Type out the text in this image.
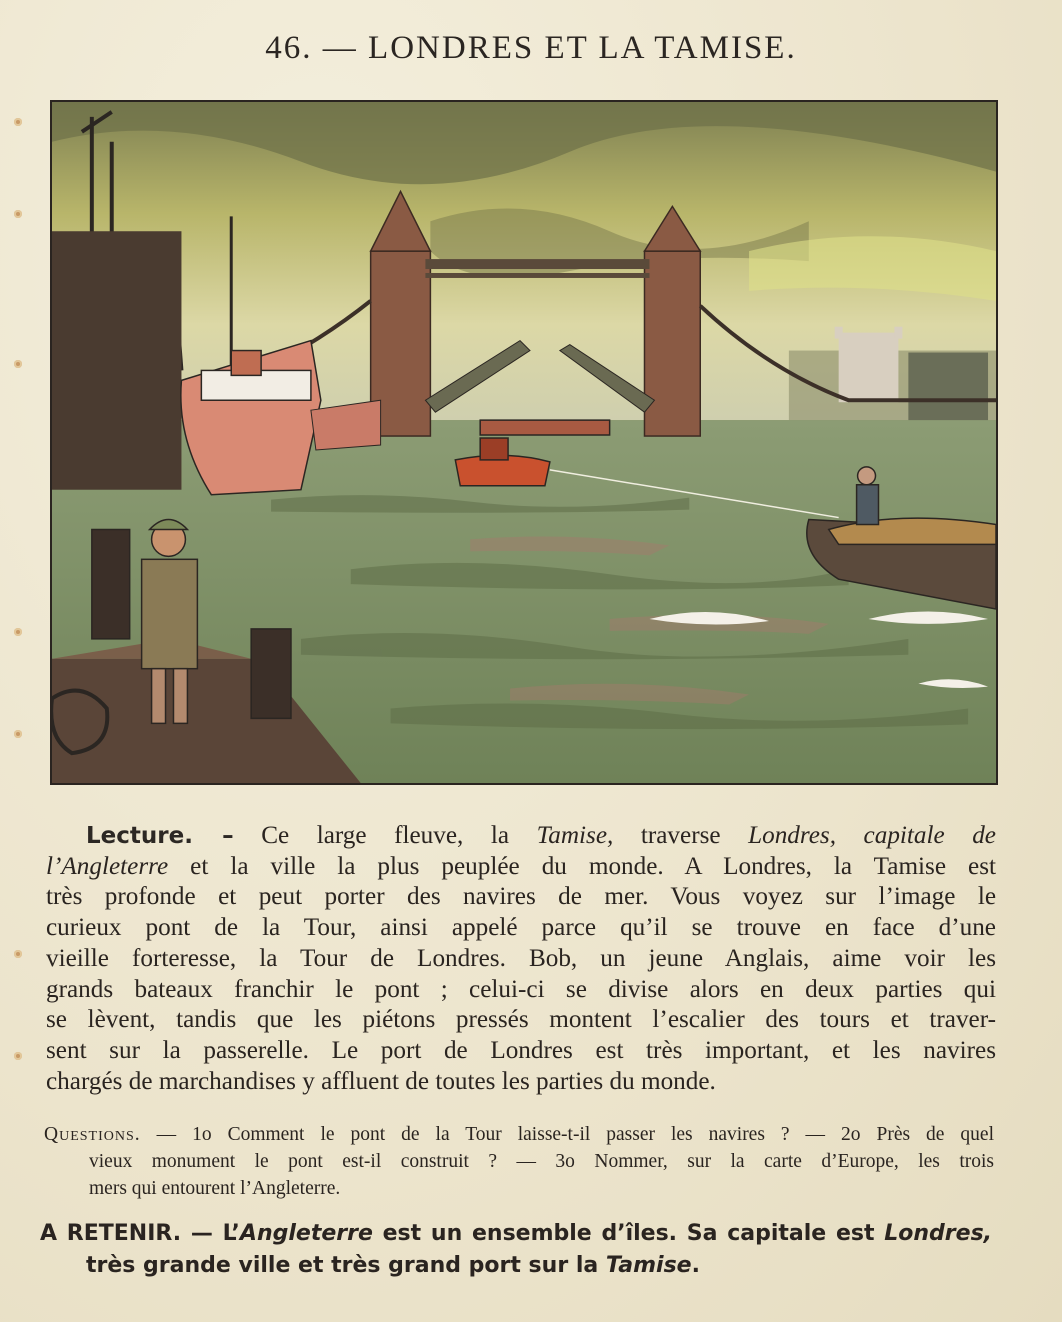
46. — LONDRES ET LA TAMISE.
Lecture. – Ce large fleuve, la Tamise, traverse Londres, capitale de
l’Angleterre et la ville la plus peuplée du monde. A Londres, la Tamise est
très profonde et peut porter des navires de mer. Vous voyez sur l’image le
curieux pont de la Tour, ainsi appelé parce qu’il se trouve en face d’une
vieille forteresse, la Tour de Londres. Bob, un jeune Anglais, aime voir les
grands bateaux franchir le pont ; celui-ci se divise alors en deux parties qui
se lèvent, tandis que les piétons pressés montent l’escalier des tours et traver-
sent sur la passerelle. Le port de Londres est très important, et les navires
chargés de marchandises y affluent de toutes les parties du monde.
Questions. — 1o Comment le pont de la Tour laisse-t-il passer les navires ? — 2o Près de quel
vieux monument le pont est-il construit ? — 3o Nommer, sur la carte d’Europe, les trois
mers qui entourent l’Angleterre.
A RETENIR. — L’Angleterre est un ensemble d’îles. Sa capitale est Londres,
très grande ville et très grand port sur la Tamise.
